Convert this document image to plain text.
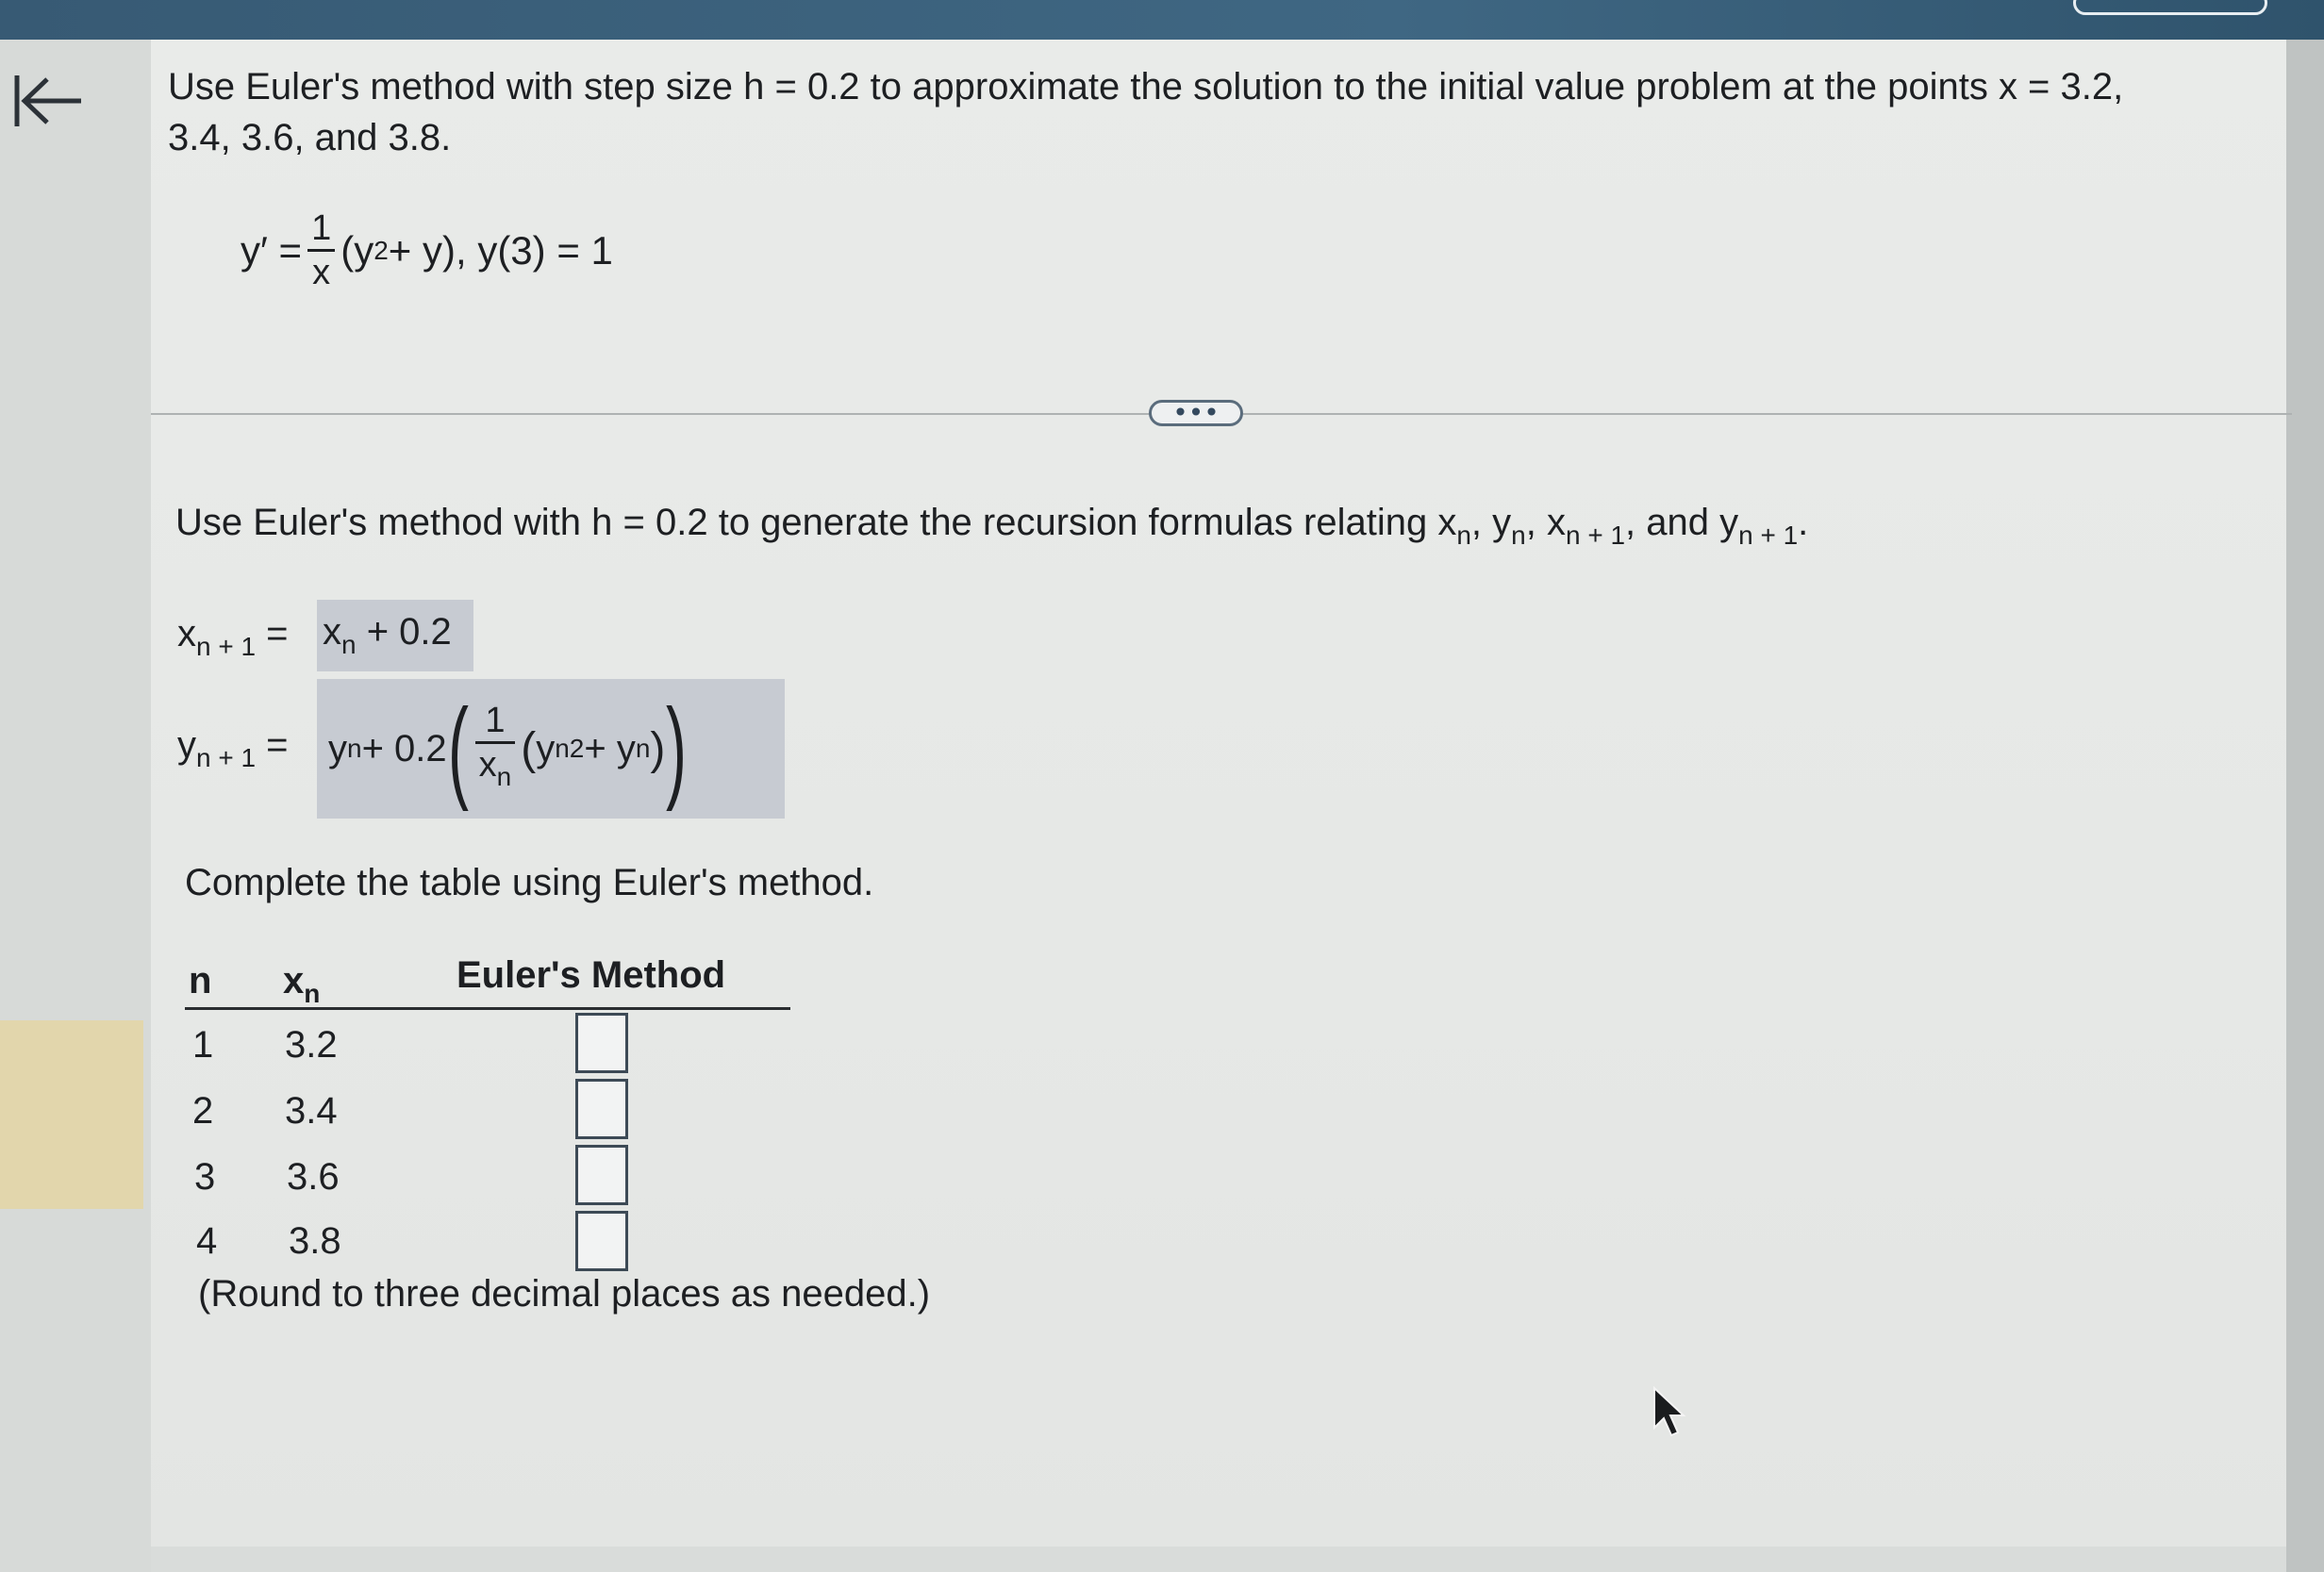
Use Euler's method with step size h = 0.2 to approximate the solution to the initial value problem at the points x = 3.2,
3.4, 3.6, and 3.8.
$y' = \frac{1}{x} (y$ 2 + y) , y(3) = 1
•••
Use Euler's method with h = 0.2 to generate the recursion formulas relating $x_n$, $y_n$, $x_{n + 1}$, and $y_{n + 1}$.
$x_{n + 1} = x_n + 0.2$
$y_{n + 1} = y$ n + 0.2 ( $\frac{1}{x_n}$ ( y n 2 + y n ) )
Complete the table using Euler's method.
n $x_n$	Euler's Method
1 3.2
2 3.4
3 3.6
4 3.8
(Round to three decimal places as needed.)
